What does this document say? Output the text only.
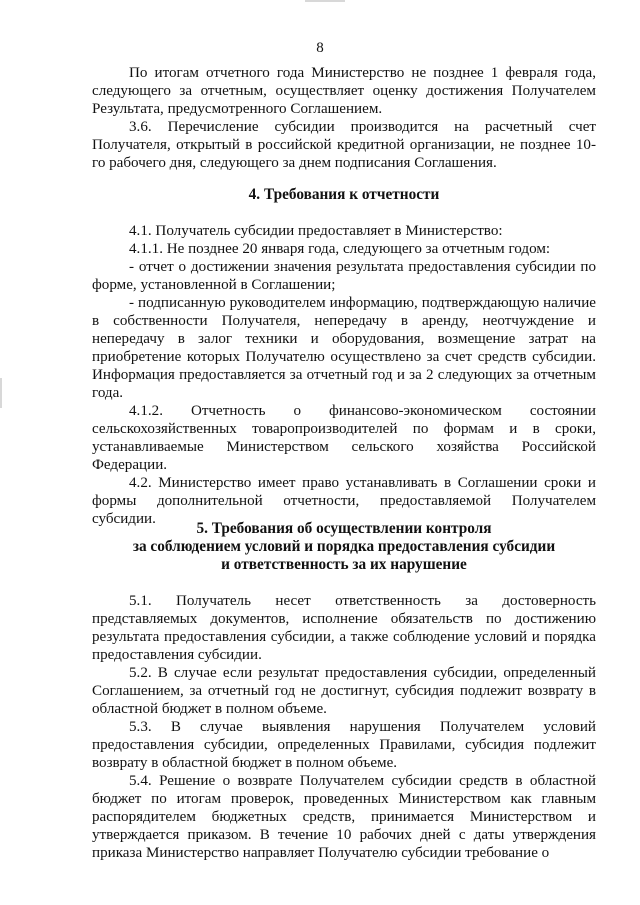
8

По итогам отчетного года Министерство не позднее 1 февраля года, следующего за отчетным, осуществляет оценку достижения Получателем Результата, предусмотренного Соглашением.

3.6. Перечисление субсидии производится на расчетный счет Получателя, открытый в российской кредитной организации, не позднее 10-го рабочего дня, следующего за днем подписания Соглашения.

4. Требования к отчетности

4.1. Получатель субсидии предоставляет в Министерство:

4.1.1. Не позднее 20 января года, следующего за отчетным годом:

- отчет о достижении значения результата предоставления субсидии по форме, установленной в Соглашении;

- подписанную руководителем информацию, подтверждающую наличие в собственности Получателя, непередачу в аренду, неотчуждение и непередачу в залог техники и оборудования, возмещение затрат на приобретение которых Получателю осуществлено за счет средств субсидии. Информация предоставляется за отчетный год и за 2 следующих за отчетным года.

4.1.2. Отчетность о финансово-экономическом состоянии сельскохозяйственных товаропроизводителей по формам и в сроки, устанавливаемые Министерством сельского хозяйства Российской Федерации.

4.2. Министерство имеет право устанавливать в Соглашении сроки и формы дополнительной отчетности, предоставляемой Получателем субсидии.

5. Требования об осуществлении контроля
за соблюдением условий и порядка предоставления субсидии
и ответственность за их нарушение

5.1. Получатель несет ответственность за достоверность представляемых документов, исполнение обязательств по достижению результата предоставления субсидии, а также соблюдение условий и порядка предоставления субсидии.

5.2. В случае если результат предоставления субсидии, определенный Соглашением, за отчетный год не достигнут, субсидия подлежит возврату в областной бюджет в полном объеме.

5.3. В случае выявления нарушения Получателем условий предоставления субсидии, определенных Правилами, субсидия подлежит возврату в областной бюджет в полном объеме.

5.4. Решение о возврате Получателем субсидии средств в областной бюджет по итогам проверок, проведенных Министерством как главным распорядителем бюджетных средств, принимается Министерством и утверждается приказом. В течение 10 рабочих дней с даты утверждения приказа Министерство направляет Получателю субсидии требование о
